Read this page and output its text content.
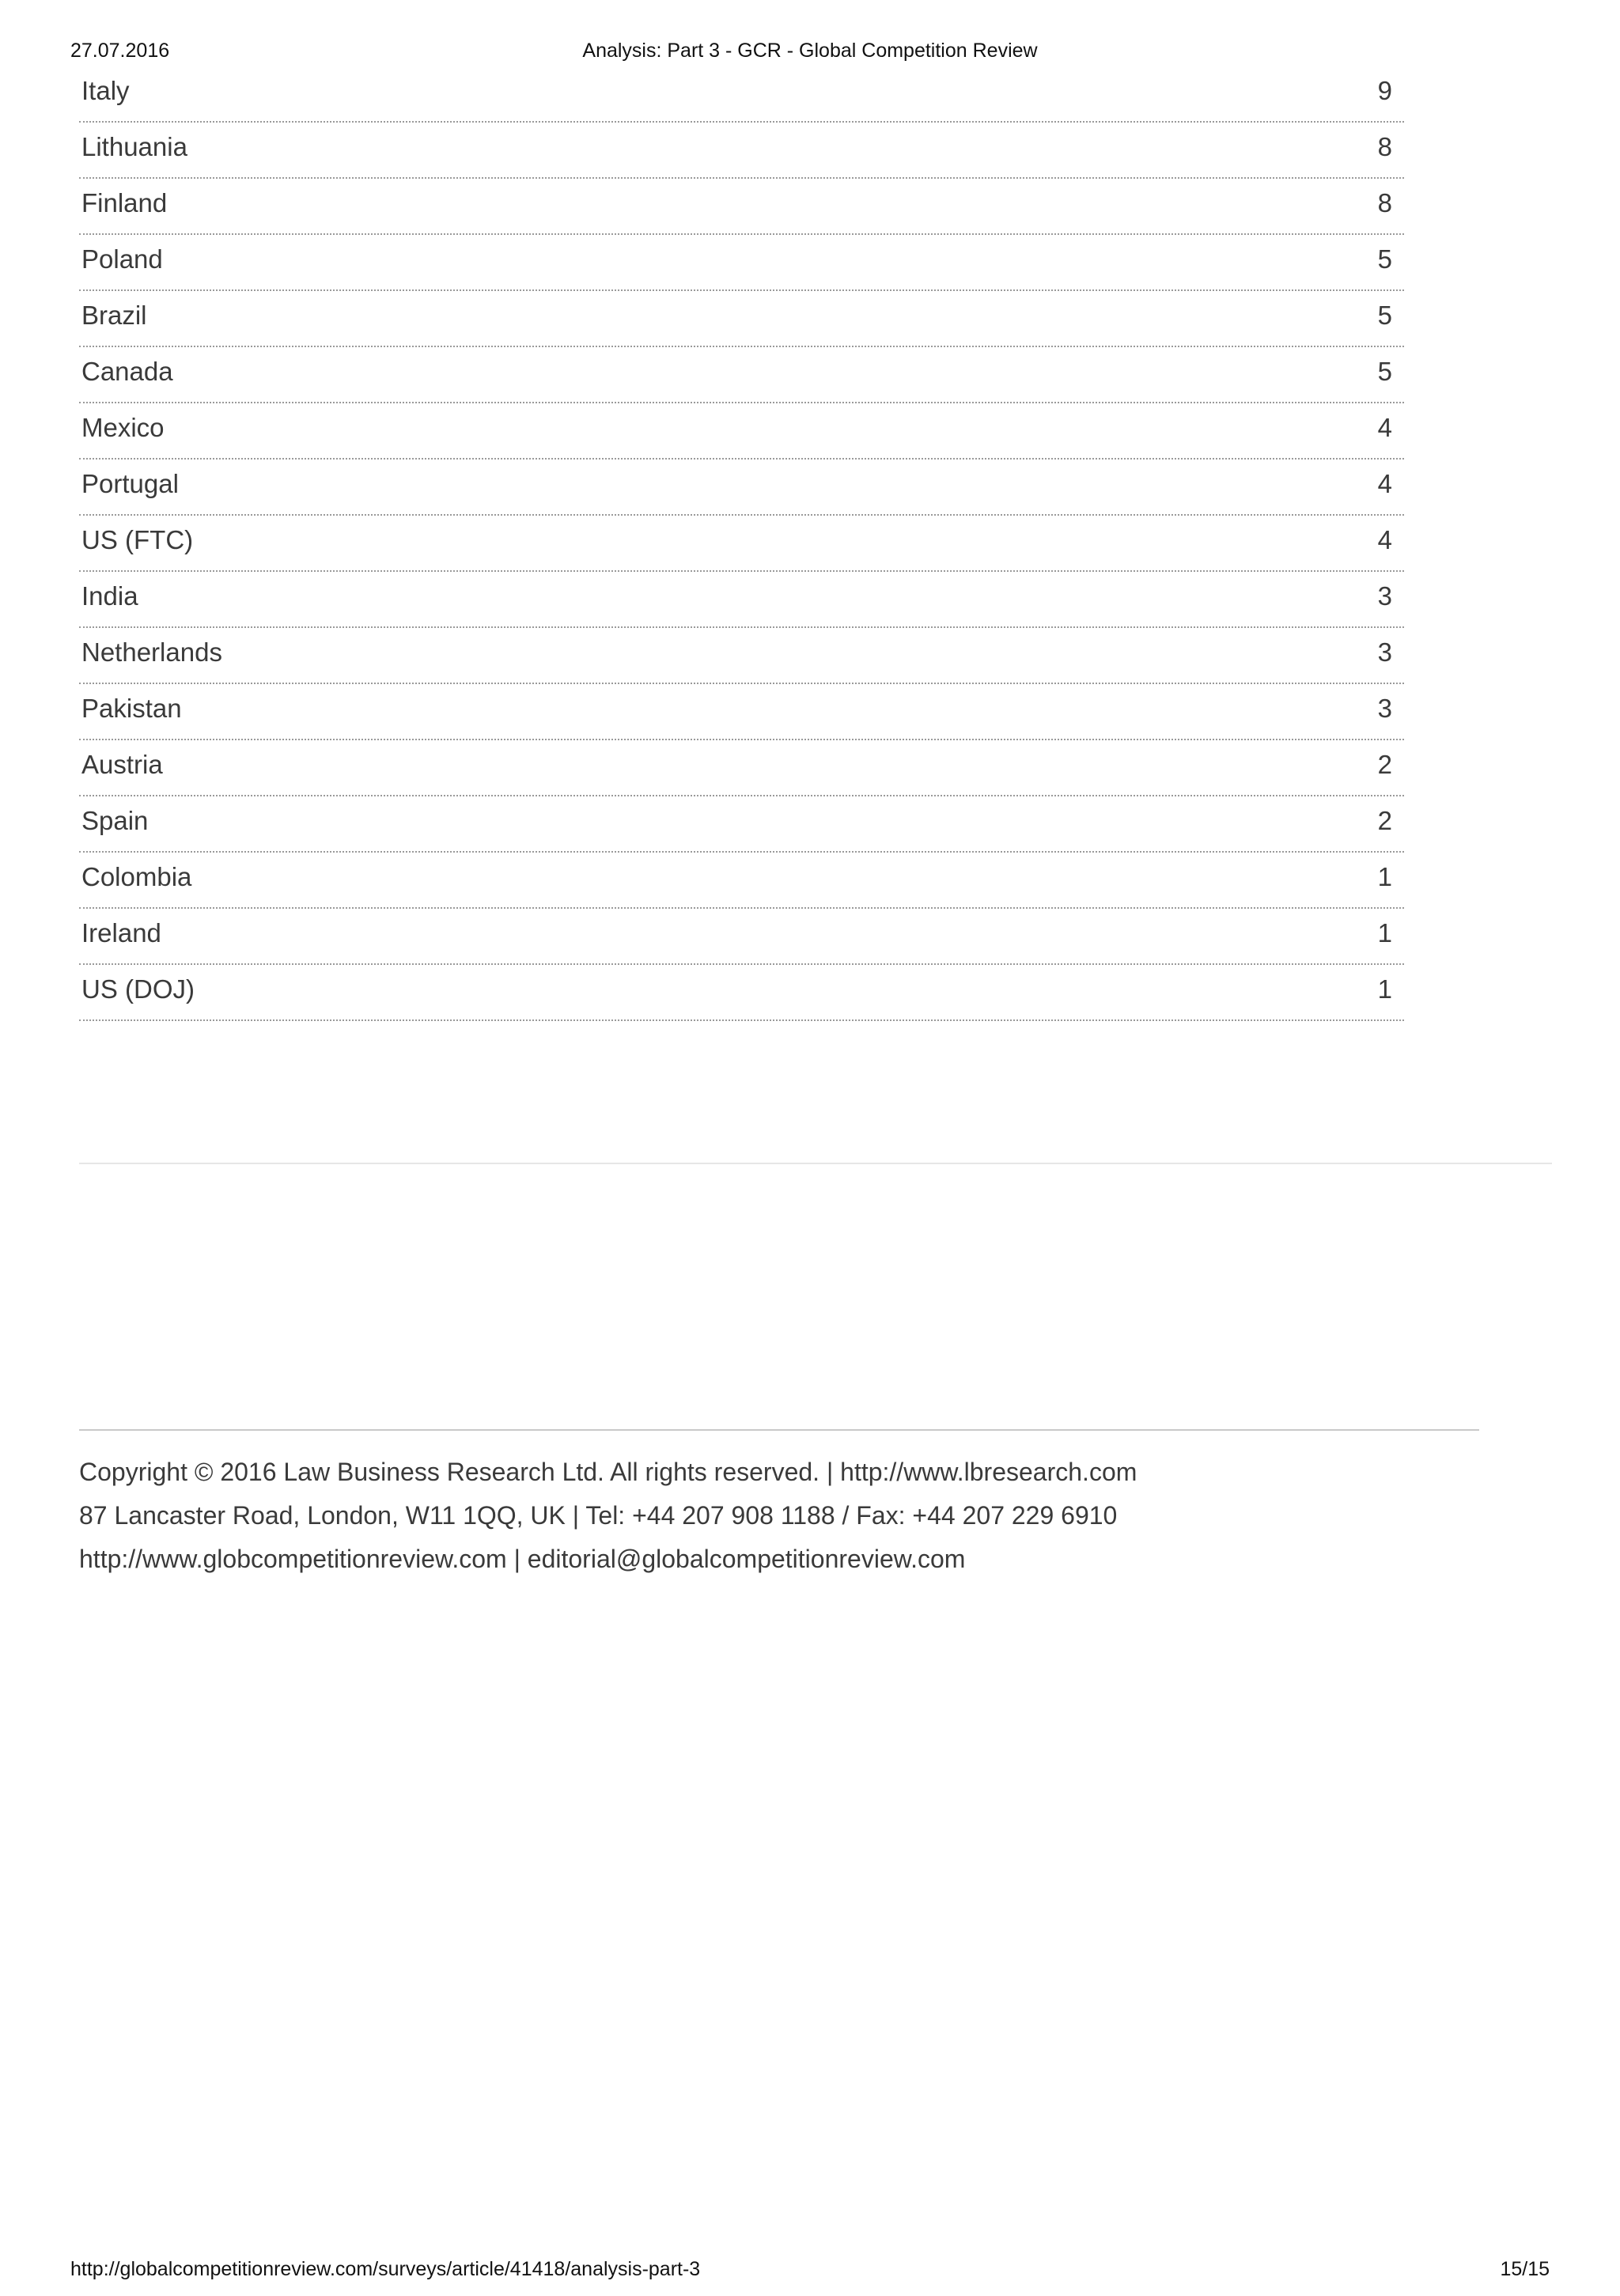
27.07.2016	Analysis: Part 3 - GCR - Global Competition Review
Italy	9
Lithuania	8
Finland	8
Poland	5
Brazil	5
Canada	5
Mexico	4
Portugal	4
US (FTC)	4
India	3
Netherlands	3
Pakistan	3
Austria	2
Spain	2
Colombia	1
Ireland	1
US (DOJ)	1
Copyright © 2016 Law Business Research Ltd. All rights reserved. | http://www.lbresearch.com
87 Lancaster Road, London, W11 1QQ, UK | Tel: +44 207 908 1188 / Fax: +44 207 229 6910
http://www.globcompetitionreview.com | editorial@globalcompetitionreview.com
http://globalcompetitionreview.com/surveys/article/41418/analysis-part-3	15/15
